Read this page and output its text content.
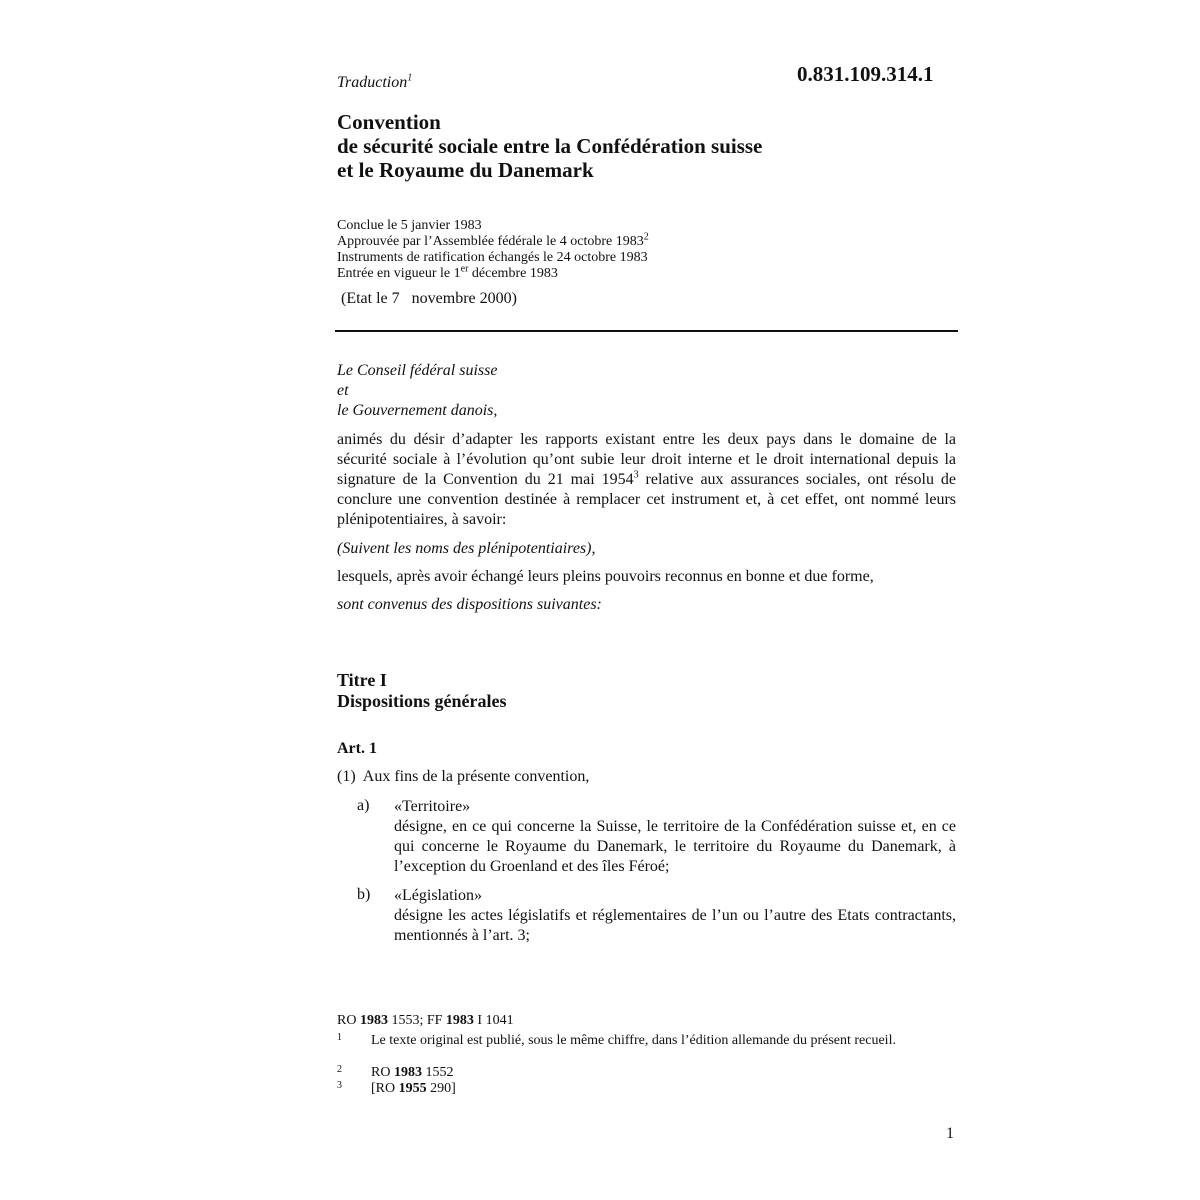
Traduction$^1$	0.831.109.314.1
Convention
de sécurité sociale entre la Confédération suisse
et le Royaume du Danemark
Conclue le 5 janvier 1983
Approuvée par l’Assemblée fédérale le 4 octobre 1983$^2$
Instruments de ratification échangés le 24 octobre 1983
Entrée en vigueur le 1er décembre 1983
(Etat le 7   novembre 2000)
Le Conseil fédéral suisse
et
le Gouvernement danois,
animés du désir d’adapter les rapports existant entre les deux pays dans le domaine de la sécurité sociale à l’évolution qu’ont subie leur droit interne et le droit international depuis la signature de la Convention du 21 mai 1954$^3$ relative aux assurances sociales, ont résolu de conclure une convention destinée à remplacer cet instrument et, à cet effet, ont nommé leurs plénipotentiaires, à savoir:
(Suivent les noms des plénipotentiaires),
lesquels, après avoir échangé leurs pleins pouvoirs reconnus en bonne et due forme,
sont convenus des dispositions suivantes:
Titre I
Dispositions générales
Art. 1
(1)  Aux fins de la présente convention,
a) «Territoire»
désigne, en ce qui concerne la Suisse, le territoire de la Confédération suisse et, en ce qui concerne le Royaume du Danemark, le territoire du Royaume du Danemark, à l’exception du Groenland et des îles Féroé;
b) «Législation»
désigne les actes législatifs et réglementaires de l’un ou l’autre des Etats contractants, mentionnés à l’art. 3;
RO 1983 1553; FF 1983 I 1041
1 Le texte original est publié, sous le même chiffre, dans l’édition allemande du présent recueil.
2 RO 1983 1552
3 [RO 1955 290]
1
